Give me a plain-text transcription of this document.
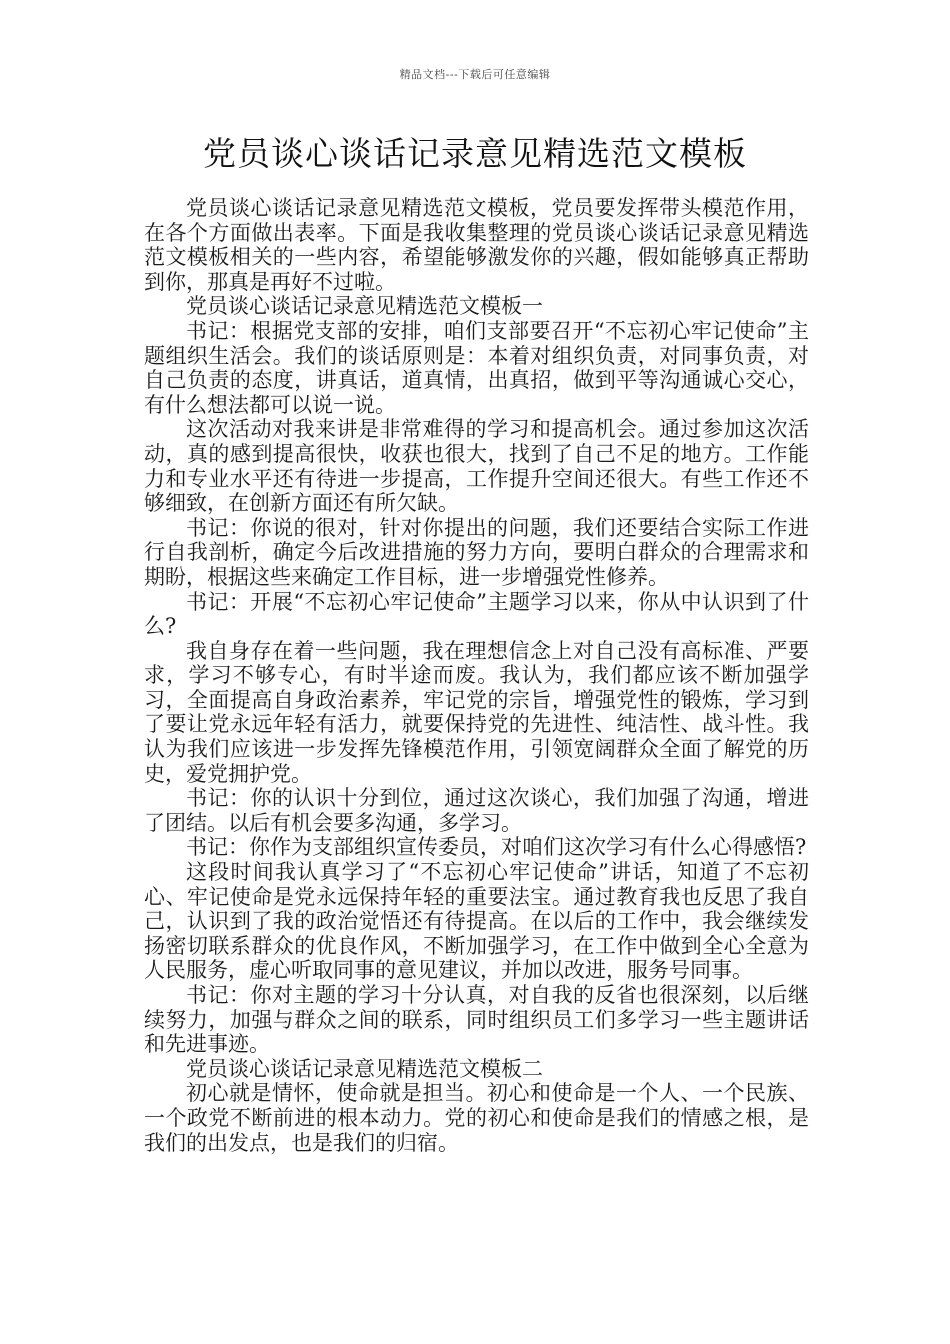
精品文档---下载后可任意编辑
党员谈心谈话记录意见精选范文模板

党员谈心谈话记录意见精选范文模板，党员要发挥带头模范作用，在各个方面做出表率。下面是我收集整理的党员谈心谈话记录意见精选范文模板相关的一些内容，希望能够激发你的兴趣，假如能够真正帮助到你，那真是再好不过啦。

党员谈心谈话记录意见精选范文模板一

书记：根据党支部的安排，咱们支部要召开“不忘初心牢记使命”主题组织生活会。我们的谈话原则是：本着对组织负责，对同事负责，对自己负责的态度，讲真话，道真情，出真招，做到平等沟通诚心交心，有什么想法都可以说一说。

这次活动对我来讲是非常难得的学习和提高机会。通过参加这次活动，真的感到提高很快，收获也很大，找到了自己不足的地方。工作能力和专业水平还有待进一步提高，工作提升空间还很大。有些工作还不够细致，在创新方面还有所欠缺。

书记：你说的很对，针对你提出的问题，我们还要结合实际工作进行自我剖析，确定今后改进措施的努力方向，要明白群众的合理需求和期盼，根据这些来确定工作目标，进一步增强党性修养。

书记：开展“不忘初心牢记使命”主题学习以来，你从中认识到了什么?

我自身存在着一些问题，我在理想信念上对自己没有高标准、严要求，学习不够专心，有时半途而废。我认为，我们都应该不断加强学习，全面提高自身政治素养，牢记党的宗旨，增强党性的锻炼，学习到了要让党永远年轻有活力，就要保持党的先进性、纯洁性、战斗性。我认为我们应该进一步发挥先锋模范作用，引领宽阔群众全面了解党的历史，爱党拥护党。

书记：你的认识十分到位，通过这次谈心，我们加强了沟通，增进了团结。以后有机会要多沟通，多学习。

书记：你作为支部组织宣传委员，对咱们这次学习有什么心得感悟?

这段时间我认真学习了“不忘初心牢记使命”讲话，知道了不忘初心、牢记使命是党永远保持年轻的重要法宝。通过教育我也反思了我自己，认识到了我的政治觉悟还有待提高。在以后的工作中，我会继续发扬密切联系群众的优良作风，不断加强学习，在工作中做到全心全意为人民服务，虚心听取同事的意见建议，并加以改进，服务号同事。

书记：你对主题的学习十分认真，对自我的反省也很深刻，以后继续努力，加强与群众之间的联系，同时组织员工们多学习一些主题讲话和先进事迹。

党员谈心谈话记录意见精选范文模板二

初心就是情怀，使命就是担当。初心和使命是一个人、一个民族、一个政党不断前进的根本动力。党的初心和使命是我们的情感之根，是我们的出发点，也是我们的归宿。
